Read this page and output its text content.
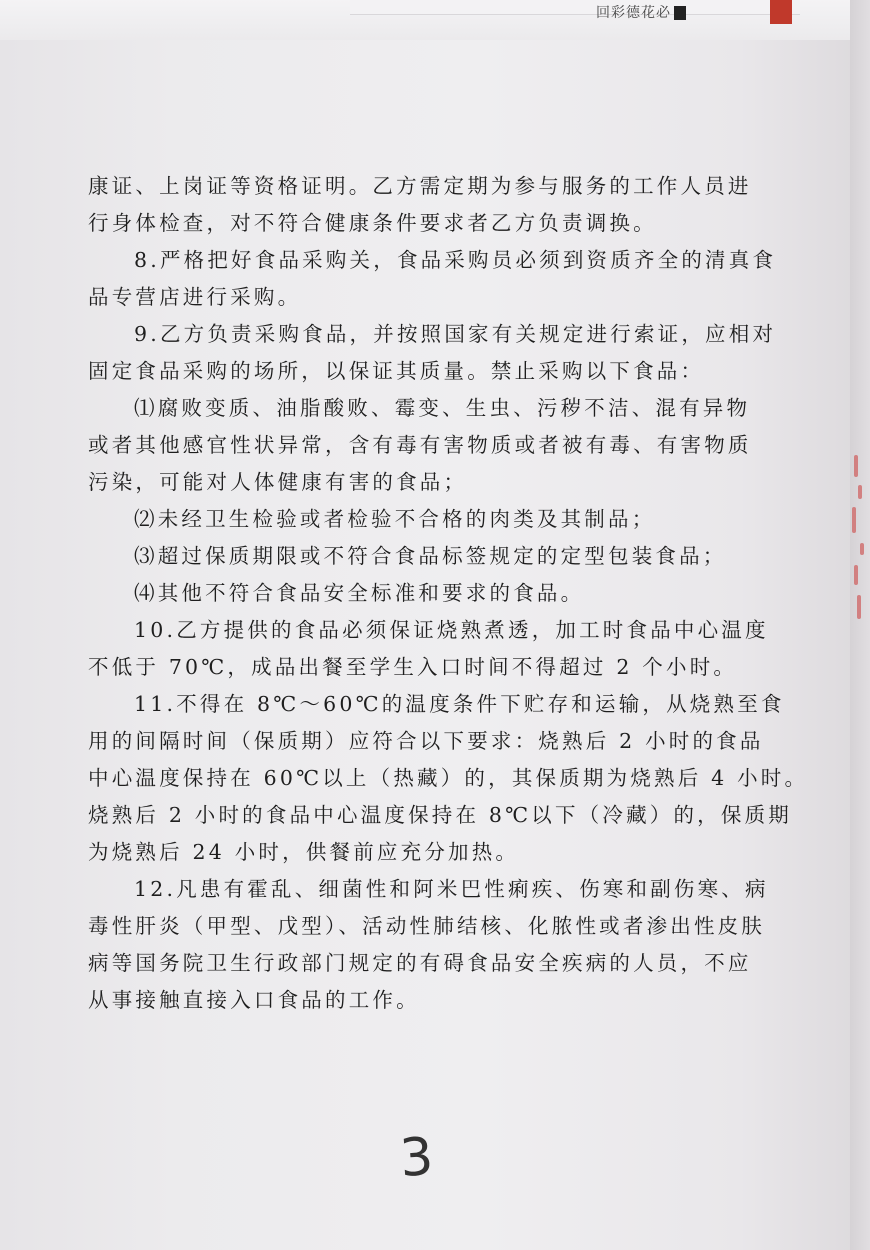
回彩德花必
康证、上岗证等资格证明。乙方需定期为参与服务的工作人员进
行身体检查，对不符合健康条件要求者乙方负责调换。
8.严格把好食品采购关，食品采购员必须到资质齐全的清真食
品专营店进行采购。
9.乙方负责采购食品，并按照国家有关规定进行索证，应相对
固定食品采购的场所，以保证其质量。禁止采购以下食品：
⑴腐败变质、油脂酸败、霉变、生虫、污秽不洁、混有异物
或者其他感官性状异常，含有毒有害物质或者被有毒、有害物质
污染，可能对人体健康有害的食品；
⑵未经卫生检验或者检验不合格的肉类及其制品；
⑶超过保质期限或不符合食品标签规定的定型包装食品；
⑷其他不符合食品安全标准和要求的食品。
10.乙方提供的食品必须保证烧熟煮透，加工时食品中心温度
不低于 70℃，成品出餐至学生入口时间不得超过 2 个小时。
11.不得在 8℃～60℃的温度条件下贮存和运输，从烧熟至食
用的间隔时间（保质期）应符合以下要求：烧熟后 2 小时的食品
中心温度保持在 60℃以上（热藏）的，其保质期为烧熟后 4 小时。
烧熟后 2 小时的食品中心温度保持在 8℃以下（冷藏）的，保质期
为烧熟后 24 小时，供餐前应充分加热。
12.凡患有霍乱、细菌性和阿米巴性痢疾、伤寒和副伤寒、病
毒性肝炎（甲型、戊型）、活动性肺结核、化脓性或者渗出性皮肤
病等国务院卫生行政部门规定的有碍食品安全疾病的人员，不应
从事接触直接入口食品的工作。
3
